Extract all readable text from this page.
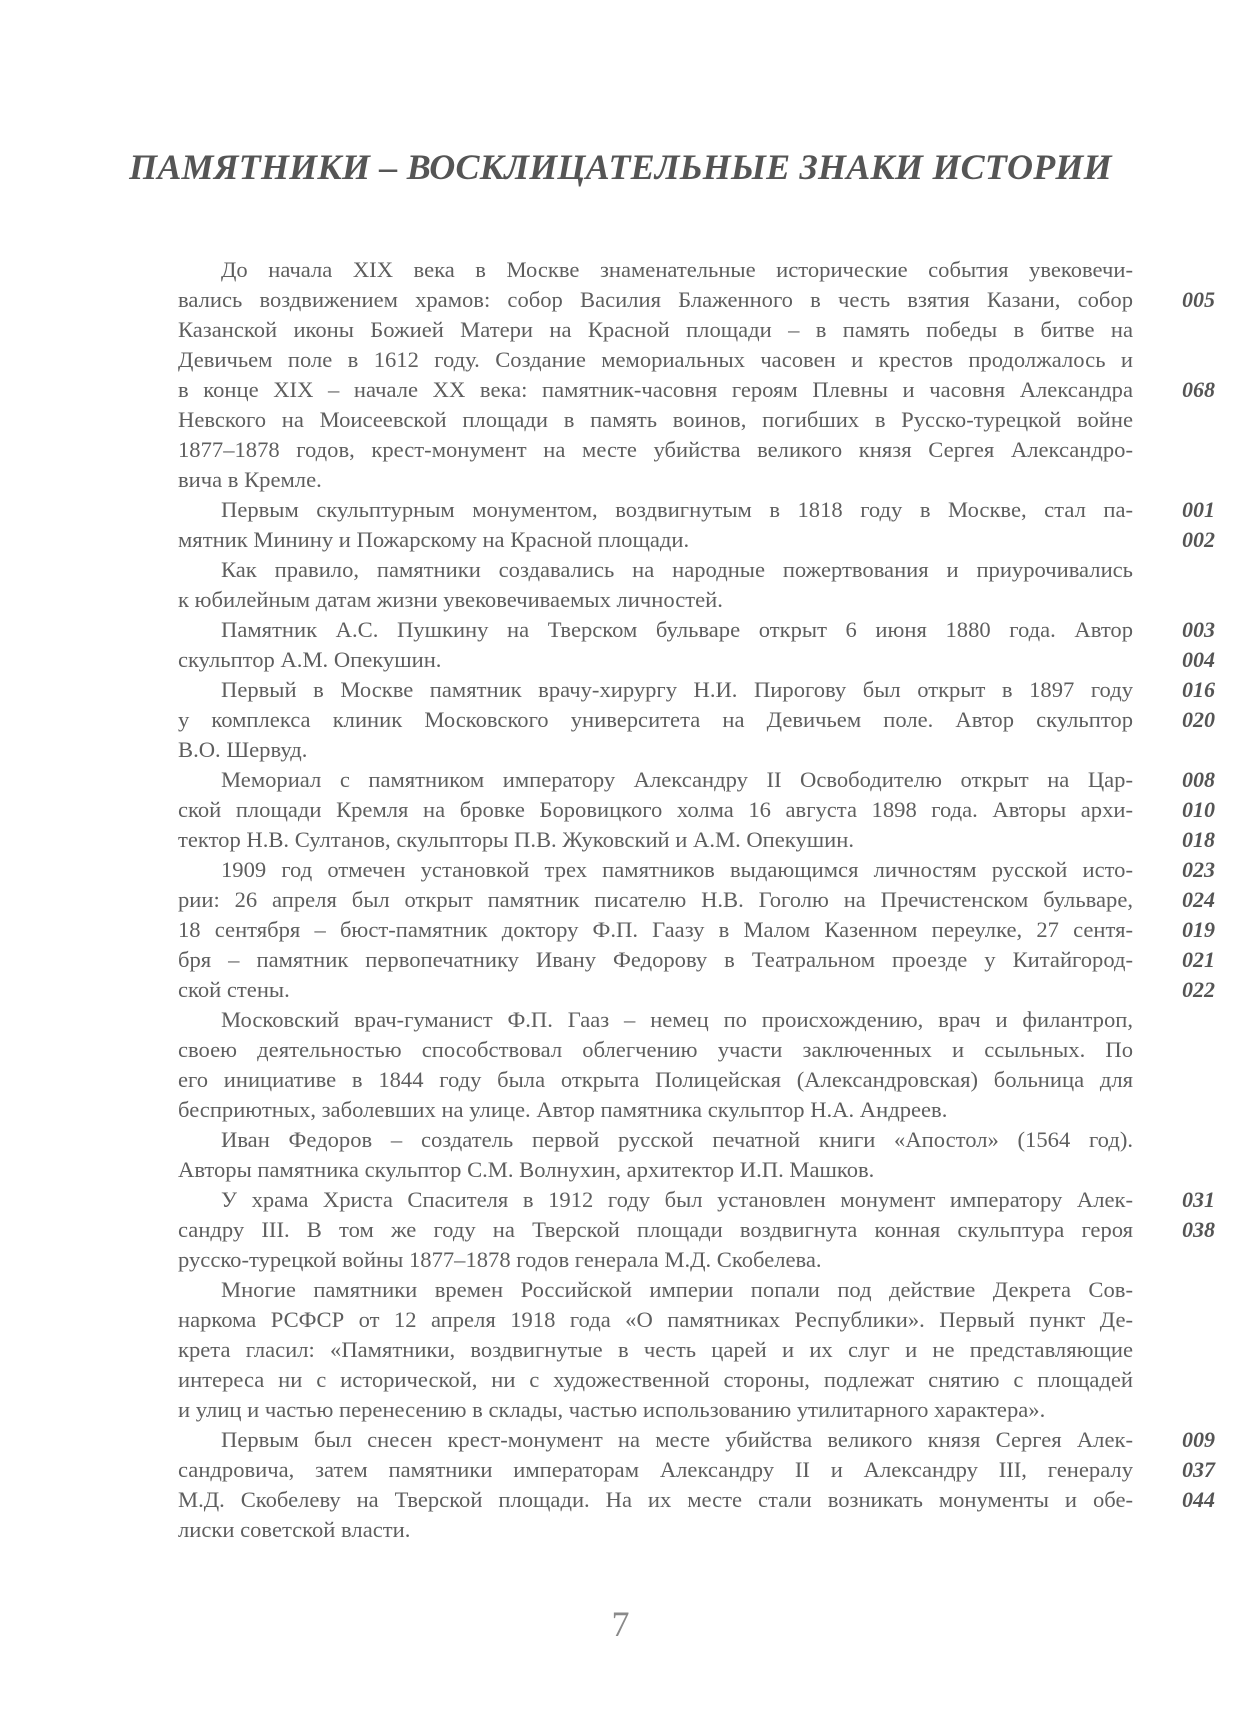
ПАМЯТНИКИ – ВОСКЛИЦАТЕЛЬНЫЕ ЗНАКИ ИСТОРИИ
До начала XIX века в Москве знаменательные исторические события увековечи-
вались воздвижением храмов: собор Василия Блаженного в честь взятия Казани, собор	005
Казанской иконы Божией Матери на Красной площади – в память победы в битве на
Девичьем поле в 1612 году. Создание мемориальных часовен и крестов продолжалось и
в конце XIX – начале XX века: памятник-часовня героям Плевны и часовня Александра	068
Невского на Моисеевской площади в память воинов, погибших в Русско-турецкой войне
1877–1878 годов, крест-монумент на месте убийства великого князя Сергея Александро-
вича в Кремле.
Первым скульптурным монументом, воздвигнутым в 1818 году в Москве, стал па-	001
мятник Минину и Пожарскому на Красной площади.	002
Как правило, памятники создавались на народные пожертвования и приурочивались
к юбилейным датам жизни увековечиваемых личностей.
Памятник А.С. Пушкину на Тверском бульваре открыт 6 июня 1880 года. Автор	003
скульптор А.М. Опекушин.	004
Первый в Москве памятник врачу-хирургу Н.И. Пирогову был открыт в 1897 году	016
у комплекса клиник Московского университета на Девичьем поле. Автор скульптор	020
В.О. Шервуд.
Мемориал с памятником императору Александру II Освободителю открыт на Цар-	008
ской площади Кремля на бровке Боровицкого холма 16 августа 1898 года. Авторы архи-	010
тектор Н.В. Султанов, скульпторы П.В. Жуковский и А.М. Опекушин.	018
1909 год отмечен установкой трех памятников выдающимся личностям русской исто-	023
рии: 26 апреля был открыт памятник писателю Н.В. Гоголю на Пречистенском бульваре,	024
18 сентября – бюст-памятник доктору Ф.П. Гаазу в Малом Казенном переулке, 27 сентя-	019
бря – памятник первопечатнику Ивану Федорову в Театральном проезде у Китайгород-	021
ской стены.	022
Московский врач-гуманист Ф.П. Гааз – немец по происхождению, врач и филантроп,
своею деятельностью способствовал облегчению участи заключенных и ссыльных. По
его инициативе в 1844 году была открыта Полицейская (Александровская) больница для
бесприютных, заболевших на улице. Автор памятника скульптор Н.А. Андреев.
Иван Федоров – создатель первой русской печатной книги «Апостол» (1564 год).
Авторы памятника скульптор С.М. Волнухин, архитектор И.П. Машков.
У храма Христа Спасителя в 1912 году был установлен монумент императору Алек-	031
сандру III. В том же году на Тверской площади воздвигнута конная скульптура героя	038
русско-турецкой войны 1877–1878 годов генерала М.Д. Скобелева.
Многие памятники времен Российской империи попали под действие Декрета Сов-
наркома РСФСР от 12 апреля 1918 года «О памятниках Республики». Первый пункт Де-
крета гласил: «Памятники, воздвигнутые в честь царей и их слуг и не представляющие
интереса ни с исторической, ни с художественной стороны, подлежат снятию с площадей
и улиц и частью перенесению в склады, частью использованию утилитарного характера».
Первым был снесен крест-монумент на месте убийства великого князя Сергея Алек-	009
сандровича, затем памятники императорам Александру II и Александру III, генералу	037
М.Д. Скобелеву на Тверской площади. На их месте стали возникать монументы и обе-	044
лиски советской власти.
7
